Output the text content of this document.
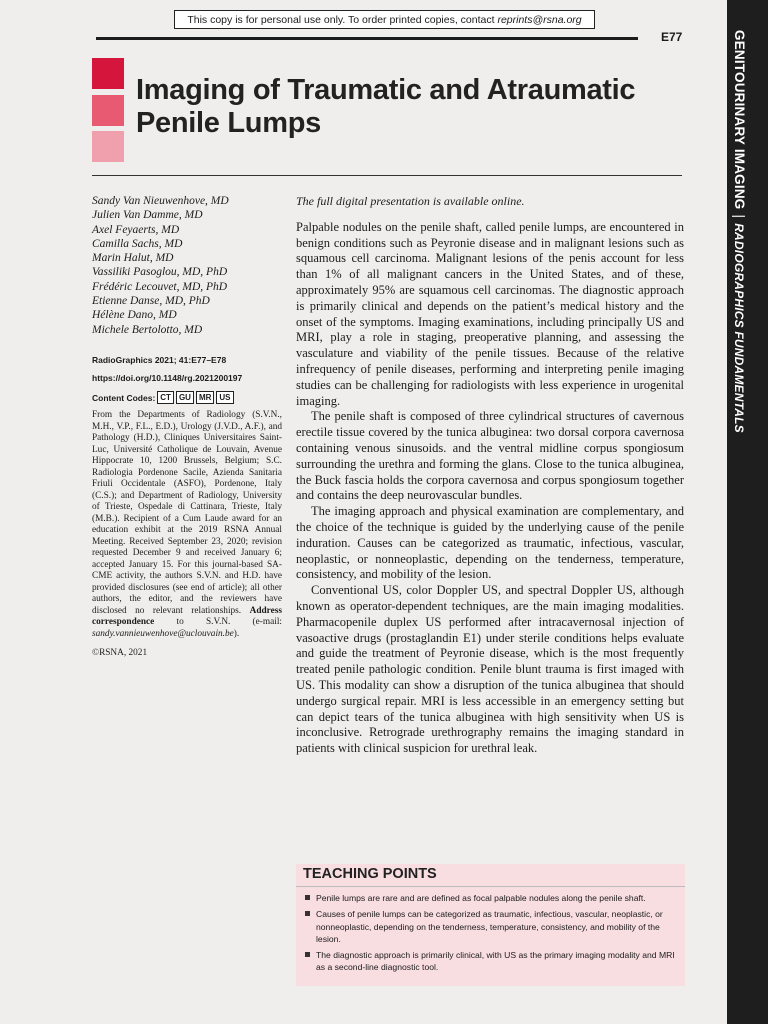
This copy is for personal use only. To order printed copies, contact reprints@rsna.org
E77	GENITOURINARY IMAGING|RADIOGRAPHICS FUNDAMENTALS
Imaging of Traumatic and Atraumatic Penile Lumps
Sandy Van Nieuwenhove, MD
Julien Van Damme, MD
Axel Feyaerts, MD
Camilla Sachs, MD
Marin Halut, MD
Vassiliki Pasoglou, MD, PhD
Frédéric Lecouvet, MD, PhD
Etienne Danse, MD, PhD
Hélène Dano, MD
Michele Bertolotto, MD
RadioGraphics 2021; 41:E77–E78
https://doi.org/10.1148/rg.2021200197
Content Codes: CT	GU	MR	US
From the Departments of Radiology (S.V.N., M.H., V.P., F.L., E.D.), Urology (J.V.D., A.F.), and Pathology (H.D.), Cliniques Universitaires Saint-Luc, Université Catholique de Louvain, Avenue Hippocrate 10, 1200 Brussels, Belgium; S.C. Radiologia Pordenone Sacile, Azienda Sanitaria Friuli Occidentale (ASFO), Pordenone, Italy (C.S.); and Department of Radiology, University of Trieste, Ospedale di Cattinara, Trieste, Italy (M.B.). Recipient of a Cum Laude award for an education exhibit at the 2019 RSNA Annual Meeting. Received September 23, 2020; revision requested December 9 and received January 6; accepted January 15. For this journal-based SA-CME activity, the authors S.V.N. and H.D. have provided disclosures (see end of article); all other authors, the editor, and the reviewers have disclosed no relevant relationships. Address correspondence to S.V.N. (e-mail: sandy.vannieuwenhove@uclouvain.be).
©RSNA, 2021

The full digital presentation is available online.

Palpable nodules on the penile shaft, called penile lumps, are encountered in benign conditions such as Peyronie disease and in malignant lesions such as squamous cell carcinoma. Malignant lesions of the penis account for less than 1% of all malignant cancers in the United States, and of these, approximately 95% are squamous cell carcinomas. The diagnostic approach is primarily clinical and depends on the patient’s medical history and the onset of the symptoms. Imaging examinations, including principally US and MRI, play a role in staging, preoperative planning, and assessing the vasculature and viability of the penile tissues. Because of the relative infrequency of penile diseases, performing and interpreting penile imaging studies can be challenging for radiologists with less experience in urogenital imaging.

The penile shaft is composed of three cylindrical structures of cavernous erectile tissue covered by the tunica albuginea: two dorsal corpora cavernosa containing venous sinusoids. and the ventral midline corpus spongiosum surrounding the urethra and forming the glans. Close to the tunica albuginea, the Buck fascia holds the corpora cavernosa and corpus spongiosum together and contains the deep neurovascular bundles.

The imaging approach and physical examination are complementary, and the choice of the technique is guided by the underlying cause of the penile induration. Causes can be categorized as traumatic, infectious, vascular, neoplastic, or nonneoplastic, depending on the tenderness, temperature, consistency, and mobility of the lesion.

Conventional US, color Doppler US, and spectral Doppler US, although known as operator-dependent techniques, are the main imaging modalities. Pharmacopenile duplex US performed after intracavernosal injection of vasoactive drugs (prostaglandin E1) under sterile conditions helps evaluate and guide the treatment of Peyronie disease, which is the most frequently treated penile pathologic condition. Penile blunt trauma is first imaged with US. This modality can show a disruption of the tunica albuginea that should undergo surgical repair. MRI is less accessible in an emergency setting but can depict tears of the tunica albuginea with high sensitivity when US is inconclusive. Retrograde urethrography remains the imaging standard in patients with clinical suspicion for urethral leak.

TEACHING POINTS
Penile lumps are rare and are defined as focal palpable nodules along the penile shaft.
Causes of penile lumps can be categorized as traumatic, infectious, vascular, neoplastic, or nonneoplastic, depending on the tenderness, temperature, consistency, and mobility of the lesion.
The diagnostic approach is primarily clinical, with US as the primary imaging modality and MRI as a second-line diagnostic tool.
